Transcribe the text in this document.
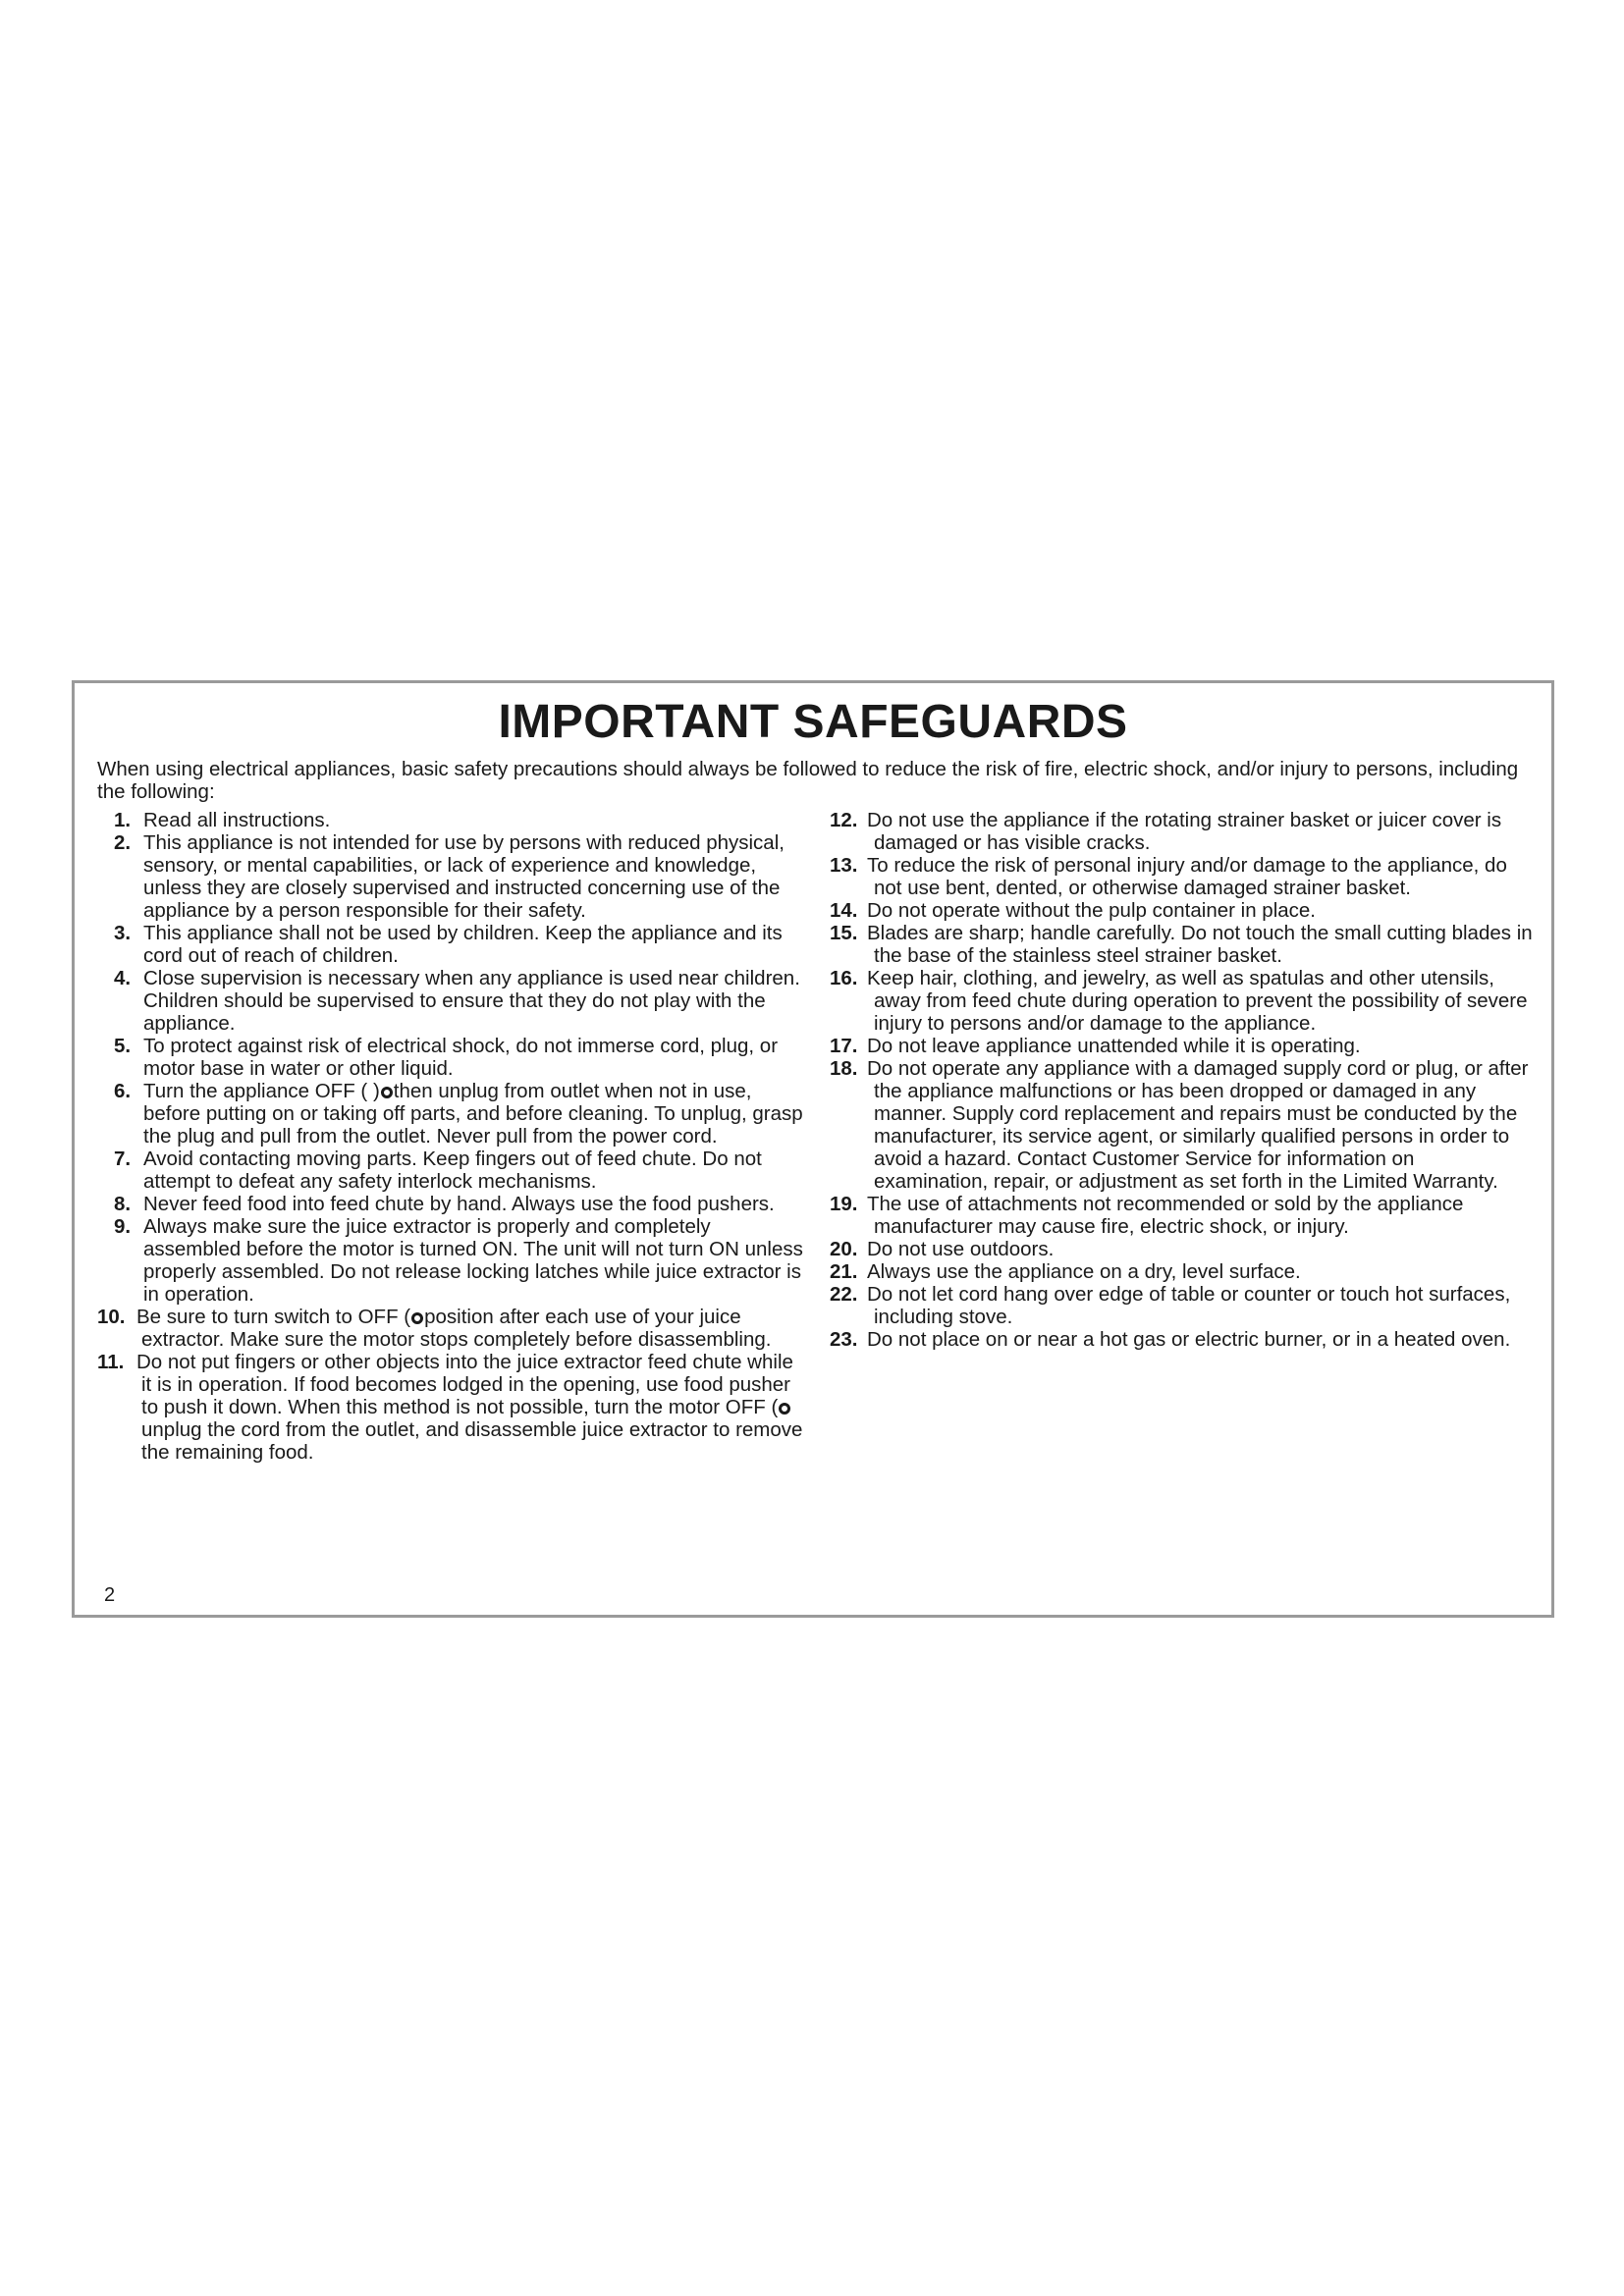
IMPORTANT SAFEGUARDS
When using electrical appliances, basic safety precautions should always be followed to reduce the risk of fire, electric shock, and/or injury to persons, including the following:
1. Read all instructions.
2. This appliance is not intended for use by persons with reduced physical, sensory, or mental capabilities, or lack of experience and knowledge, unless they are closely supervised and instructed concerning use of the appliance by a person responsible for their safety.
3. This appliance shall not be used by children. Keep the appliance and its cord out of reach of children.
4. Close supervision is necessary when any appliance is used near children. Children should be supervised to ensure that they do not play with the appliance.
5. To protect against risk of electrical shock, do not immerse cord, plug, or motor base in water or other liquid.
6. Turn the appliance OFF ( ) then unplug from outlet when not in use, before putting on or taking off parts, and before cleaning. To unplug, grasp the plug and pull from the outlet. Never pull from the power cord.
7. Avoid contacting moving parts. Keep fingers out of feed chute. Do not attempt to defeat any safety interlock mechanisms.
8. Never feed food into feed chute by hand. Always use the food pushers.
9. Always make sure the juice extractor is properly and completely assembled before the motor is turned ON. The unit will not turn ON unless properly assembled. Do not release locking latches while juice extractor is in operation.
10. Be sure to turn switch to OFF ( position after each use of your juice extractor. Make sure the motor stops completely before disassembling.
11. Do not put fingers or other objects into the juice extractor feed chute while it is in operation. If food becomes lodged in the opening, use food pusher to push it down. When this method is not possible, turn the motor OFF ( unplug the cord from the outlet, and disassemble juice extractor to remove the remaining food.
12. Do not use the appliance if the rotating strainer basket or juicer cover is damaged or has visible cracks.
13. To reduce the risk of personal injury and/or damage to the appliance, do not use bent, dented, or otherwise damaged strainer basket.
14. Do not operate without the pulp container in place.
15. Blades are sharp; handle carefully. Do not touch the small cutting blades in the base of the stainless steel strainer basket.
16. Keep hair, clothing, and jewelry, as well as spatulas and other utensils, away from feed chute during operation to prevent the possibility of severe injury to persons and/or damage to the appliance.
17. Do not leave appliance unattended while it is operating.
18. Do not operate any appliance with a damaged supply cord or plug, or after the appliance malfunctions or has been dropped or damaged in any manner. Supply cord replacement and repairs must be conducted by the manufacturer, its service agent, or similarly qualified persons in order to avoid a hazard. Contact Customer Service for information on examination, repair, or adjustment as set forth in the Limited Warranty.
19. The use of attachments not recommended or sold by the appliance manufacturer may cause fire, electric shock, or injury.
20. Do not use outdoors.
21. Always use the appliance on a dry, level surface.
22. Do not let cord hang over edge of table or counter or touch hot surfaces, including stove.
23. Do not place on or near a hot gas or electric burner, or in a heated oven.
2
